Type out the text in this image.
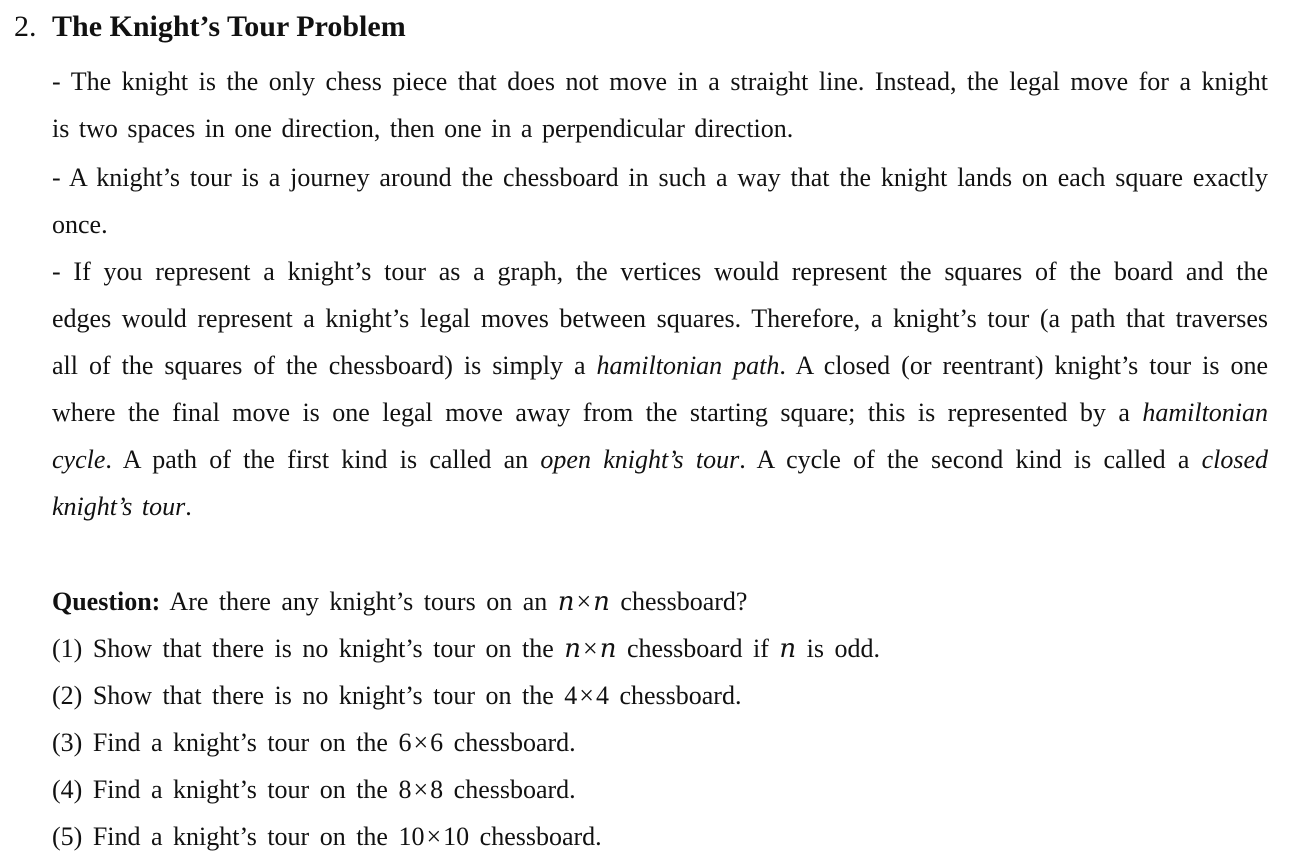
2. The Knight’s Tour Problem
- The knight is the only chess piece that does not move in a straight line. Instead, the legal move for a knight is two spaces in one direction, then one in a perpendicular direction.
- A knight’s tour is a journey around the chessboard in such a way that the knight lands on each square exactly once.
- If you represent a knight’s tour as a graph, the vertices would represent the squares of the board and the edges would represent a knight’s legal moves between squares. Therefore, a knight’s tour (a path that traverses all of the squares of the chessboard) is simply a hamiltonian path. A closed (or reentrant) knight’s tour is one where the final move is one legal move away from the starting square; this is represented by a hamiltonian cycle. A path of the first kind is called an open knight’s tour. A cycle of the second kind is called a closed knight’s tour.
Question: Are there any knight’s tours on an n×n chessboard?
(1) Show that there is no knight’s tour on the n×n chessboard if n is odd.
(2) Show that there is no knight’s tour on the 4×4 chessboard.
(3) Find a knight’s tour on the 6×6 chessboard.
(4) Find a knight’s tour on the 8×8 chessboard.
(5) Find a knight’s tour on the 10×10 chessboard.
